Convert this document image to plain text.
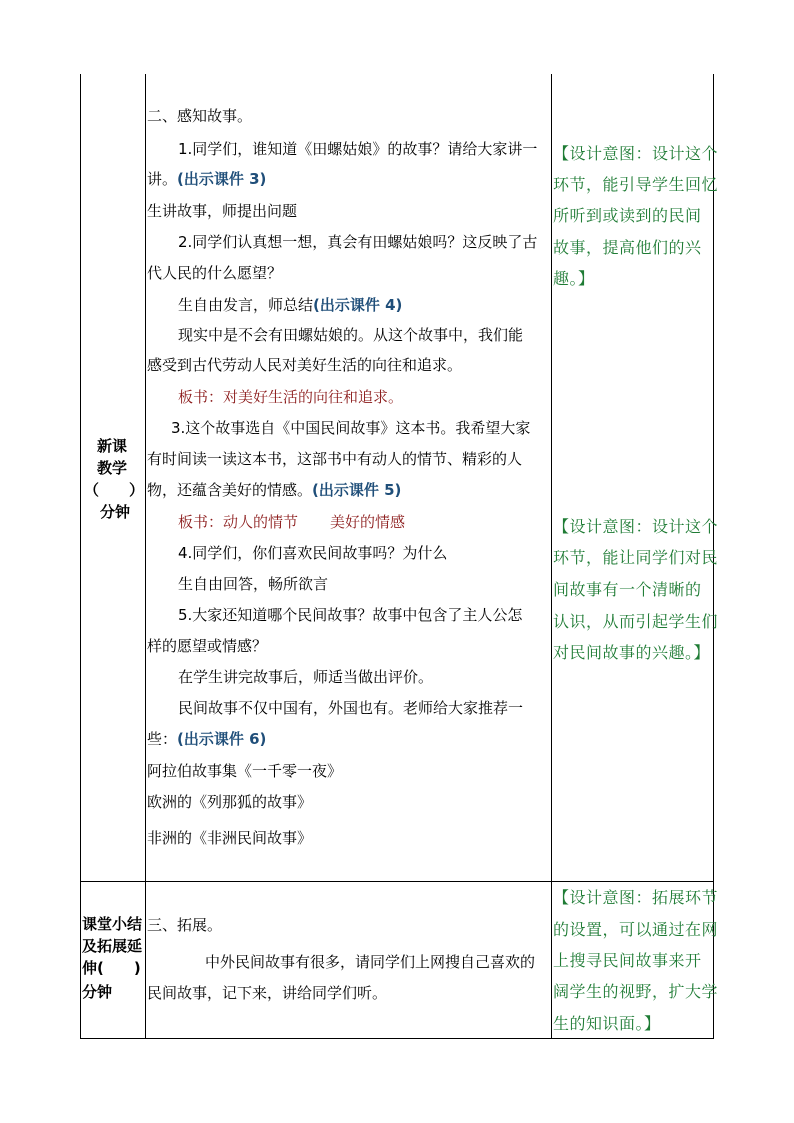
新课
教学
（　　）
分钟
二、感知故事。
1.同学们，谁知道《田螺姑娘》的故事？请给大家讲一
讲。(出示课件 3)
生讲故事，师提出问题
2.同学们认真想一想，真会有田螺姑娘吗？这反映了古
代人民的什么愿望？
生自由发言，师总结(出示课件 4)
现实中是不会有田螺姑娘的。从这个故事中，我们能
感受到古代劳动人民对美好生活的向往和追求。
板书：对美好生活的向往和追求。
3.这个故事选自《中国民间故事》这本书。我希望大家
有时间读一读这本书，这部书中有动人的情节、精彩的人
物，还蕴含美好的情感。(出示课件 5)
板书：动人的情节 美好的情感
4.同学们，你们喜欢民间故事吗？为什么
生自由回答，畅所欲言
5.大家还知道哪个民间故事？故事中包含了主人公怎
样的愿望或情感？
在学生讲完故事后，师适当做出评价。
民间故事不仅中国有，外国也有。老师给大家推荐一
些：(出示课件 6)
阿拉伯故事集《一千零一夜》
欧洲的《列那狐的故事》
非洲的《非洲民间故事》
【设计意图：设计这个
环节，能引导学生回忆
所听到或读到的民间
故事，提高他们的兴
趣。】
【设计意图：设计这个
环节，能让同学们对民
间故事有一个清晰的
认识，从而引起学生们
对民间故事的兴趣。】
课堂小结
及拓展延
伸(　　)
分钟
三、拓展。
中外民间故事有很多，请同学们上网搜自己喜欢的
民间故事，记下来，讲给同学们听。
【设计意图：拓展环节
的设置，可以通过在网
上搜寻民间故事来开
阔学生的视野，扩大学
生的知识面。】
